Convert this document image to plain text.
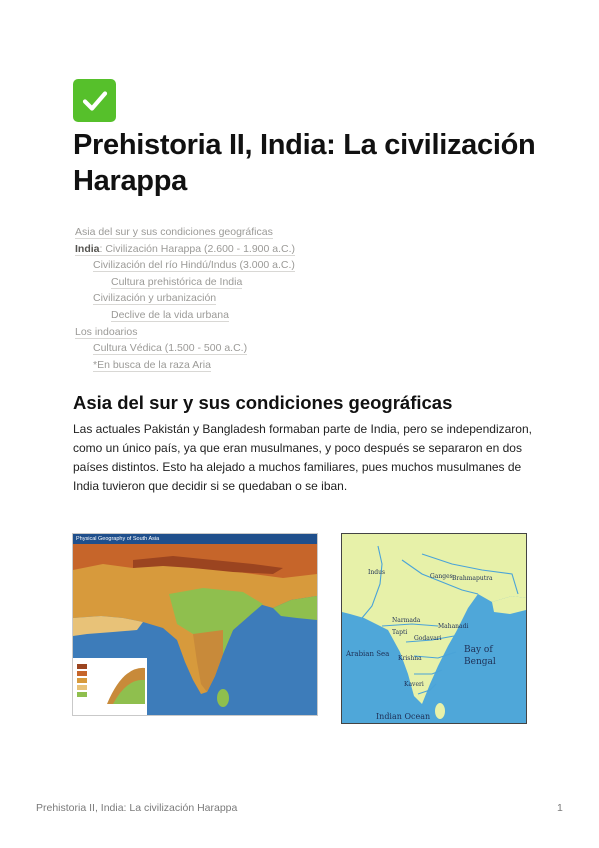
Prehistoria II, India: La civilización Harappa
Asia del sur y sus condiciones geográficas
India: Civilización Harappa (2.600 - 1.900 a.C.)
Civilización del río Hindú/Indus (3.000 a.C.)
Cultura prehistórica de India
Civilización y urbanización
Declive de la vida urbana
Los indoarios
Cultura Védica (1.500 - 500 a.C.)
*En busca de la raza Aria
Asia del sur y sus condiciones geográficas

Las actuales Pakistán y Bangladesh formaban parte de India, pero se independizaron, como un único país, ya que eran musulmanes, y poco después se separaron en dos países distintos. Esto ha alejado a muchos familiares, pues muchos musulmanes de India tuvieron que decidir si se quedaban o se iban.

Physical Geography of South Asia
Indus
Ganges Brahmaputra
Narmada
Mahanadi
Tapti
Godavari
Krishna
Kaveri
Arabian Sea	Bay of
Bengal
Indian Ocean
Prehistoria II, India: La civilización Harappa	1
